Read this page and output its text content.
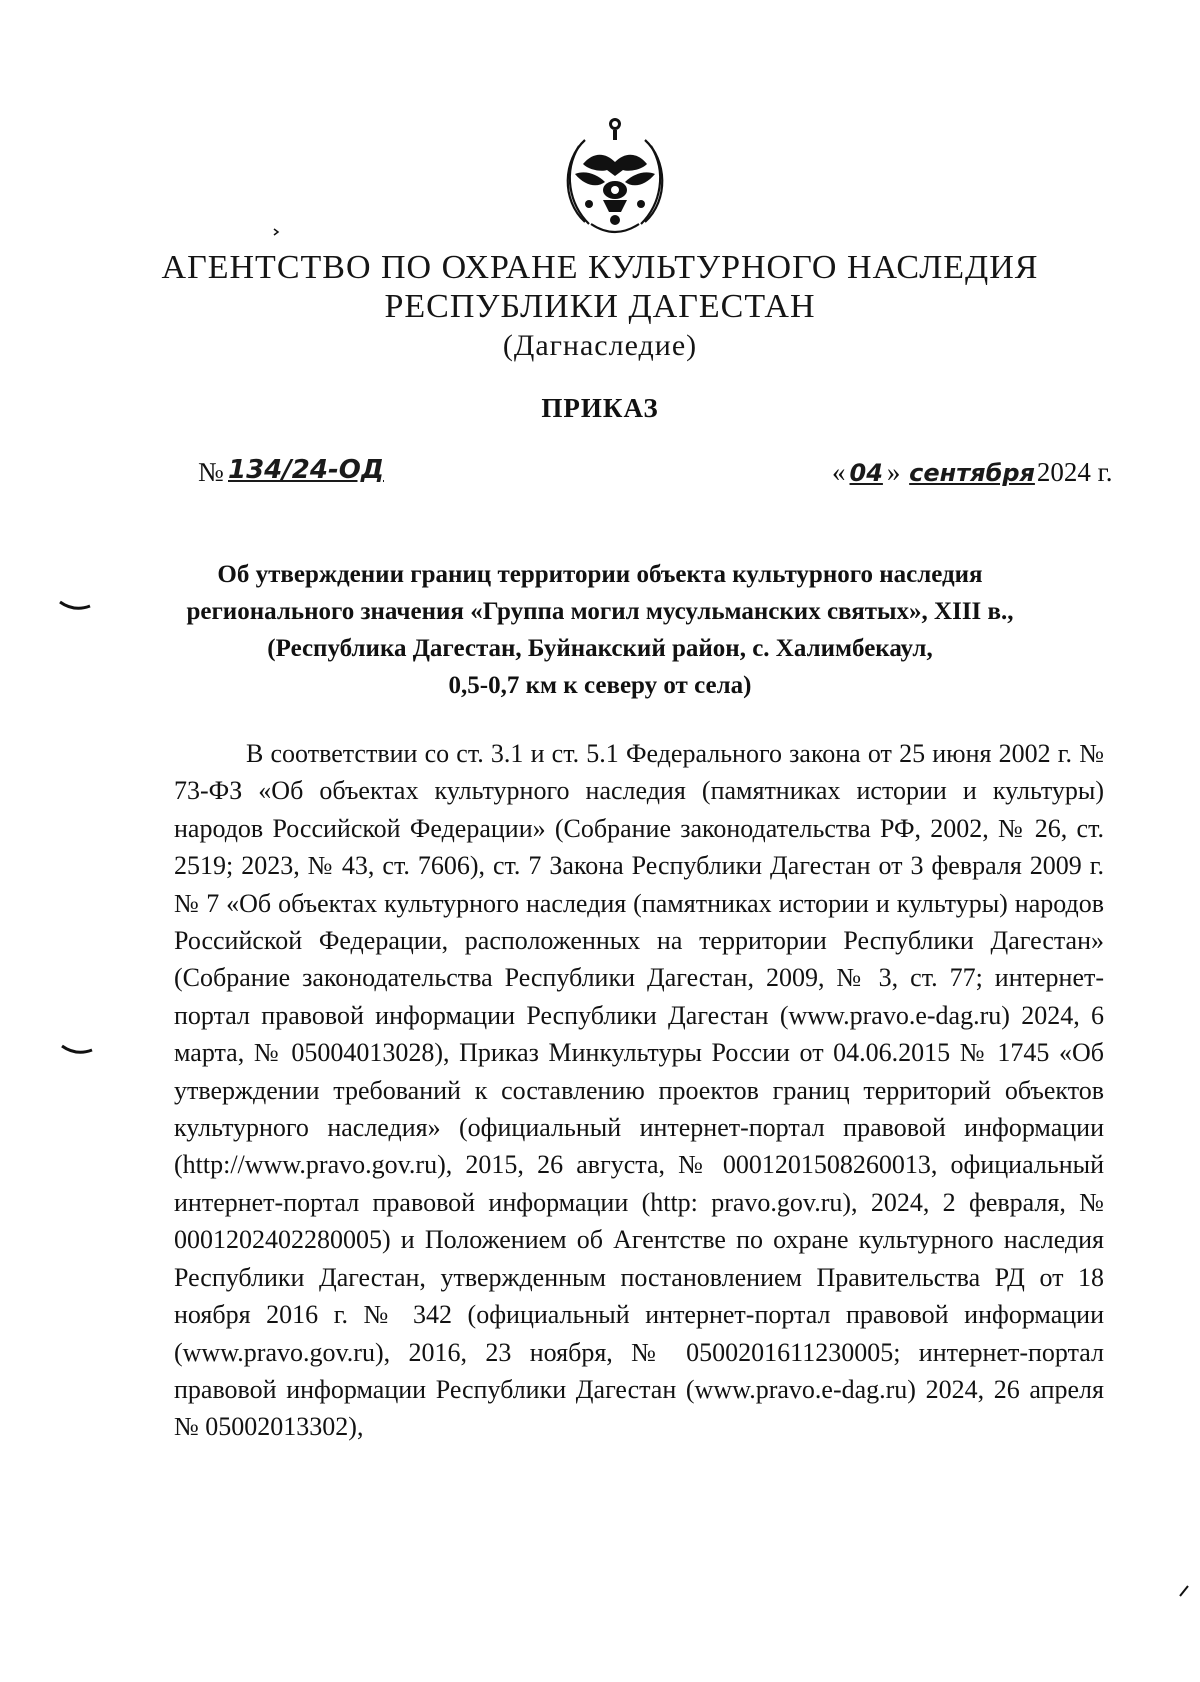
АГЕНТСТВО ПО ОХРАНЕ КУЛЬТУРНОГО НАСЛЕДИЯ
РЕСПУБЛИКИ ДАГЕСТАН
(Дагнаследие)
ПРИКАЗ
№ 134/24-ОД	« 04 » сентября2024 г.
Об утверждении границ территории объекта культурного наследия
регионального значения «Группа могил мусульманских святых», XIII в.,
(Республика Дагестан, Буйнакский район, с. Халимбекаул,
0,5-0,7 км к северу от села)
В соответствии со ст. 3.1 и ст. 5.1 Федерального закона от 25 июня 2002 г. № 73-ФЗ «Об объектах культурного наследия (памятниках истории и культуры) народов Российской Федерации» (Собрание законодательства РФ, 2002, № 26, ст. 2519; 2023, № 43, ст. 7606), ст. 7 Закона Республики Дагестан от 3 февраля 2009 г. № 7 «Об объектах культурного наследия (памятниках истории и культуры) народов Российской Федерации, расположенных на территории Республики Дагестан» (Собрание законодательства Республики Дагестан, 2009, № 3, ст. 77; интернет-портал правовой информации Республики Дагестан (www.pravo.e-dag.ru) 2024, 6 марта, № 05004013028), Приказ Минкультуры России от 04.06.2015 № 1745 «Об утверждении требований к составлению проектов границ территорий объектов культурного наследия» (официальный интернет-портал правовой информации (http://www.pravo.gov.ru), 2015, 26 августа, № 0001201508260013, официальный интернет-портал правовой информации (http: pravo.gov.ru), 2024, 2 февраля, № 0001202402280005) и Положением об Агентстве по охране культурного наследия Республики Дагестан, утвержденным постановлением Правительства РД от 18 ноября 2016 г. № 342 (официальный интернет-портал правовой информации (www.pravo.gov.ru), 2016, 23 ноября, № 0500201611230005; интернет-портал правовой информации Республики Дагестан (www.pravo.e-dag.ru) 2024, 26 апреля № 05002013302),
